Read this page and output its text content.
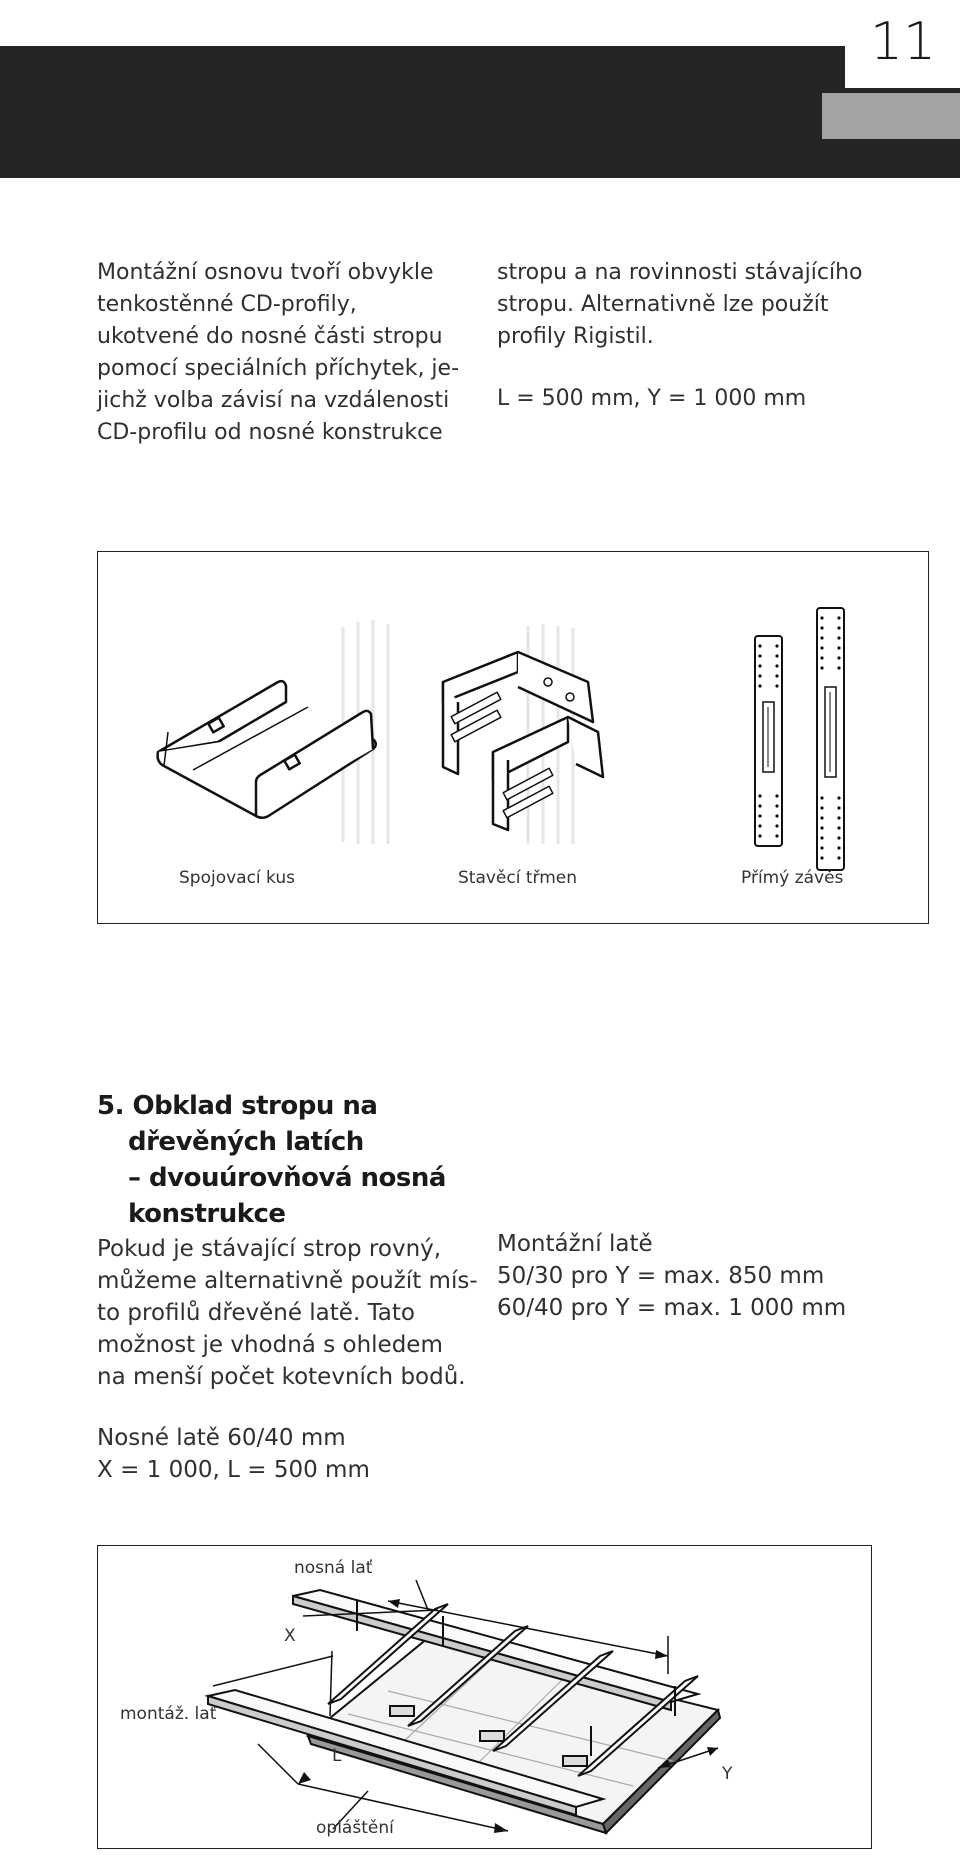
11

Montážní osnovu tvoří obvykle
tenkostěnné CD-profily,
ukotvené do nosné části stropu
pomocí speciálních příchytek, je-
jichž volba závisí na vzdálenosti
CD-profilu od nosné konstrukce

stropu a na rovinnosti stávajícího
stropu. Alternativně lze použít
profily Rigistil.

L = 500 mm, Y = 1 000 mm

Spojovací kus	Stavěcí třmen	Přímý závěs
5. Obklad stropu na
dřevěných latích
– dvouúrovňová nosná
konstrukce

Pokud je stávající strop rovný,
můžeme alternativně použít mís-
to profilů dřevěné latě. Tato
možnost je vhodná s ohledem
na menší počet kotevních bodů.

Montážní latě
50/30 pro Y = max. 850 mm
60/40 pro Y = max. 1 000 mm

Nosné latě 60/40 mm
X = 1 000, L = 500 mm

nosná lať
X
montáž. lať
L
Y
opláštění
